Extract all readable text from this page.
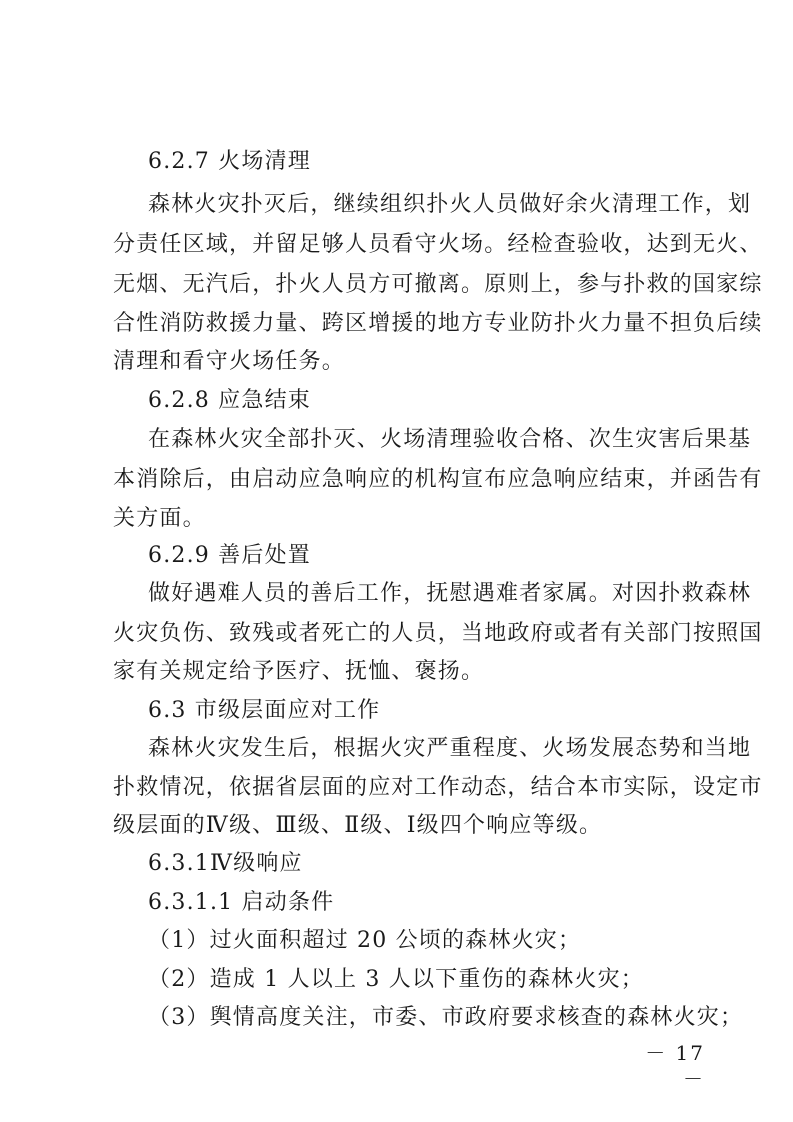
6.2.7 火场清理
森林火灾扑灭后，继续组织扑火人员做好余火清理工作，划
分责任区域，并留足够人员看守火场。经检查验收，达到无火、
无烟、无汽后，扑火人员方可撤离。原则上，参与扑救的国家综
合性消防救援力量、跨区增援的地方专业防扑火力量不担负后续
清理和看守火场任务。
6.2.8 应急结束
在森林火灾全部扑灭、火场清理验收合格、次生灾害后果基
本消除后，由启动应急响应的机构宣布应急响应结束，并函告有
关方面。
6.2.9 善后处置
做好遇难人员的善后工作，抚慰遇难者家属。对因扑救森林
火灾负伤、致残或者死亡的人员，当地政府或者有关部门按照国
家有关规定给予医疗、抚恤、褒扬。
6.3 市级层面应对工作
森林火灾发生后，根据火灾严重程度、火场发展态势和当地
扑救情况，依据省层面的应对工作动态，结合本市实际，设定市
级层面的Ⅳ级、Ⅲ级、Ⅱ级、Ⅰ级四个响应等级。
6.3.1Ⅳ级响应
6.3.1.1 启动条件
（1）过火面积超过 20 公顷的森林火灾；
（2）造成 1 人以上 3 人以下重伤的森林火灾；
（3）舆情高度关注，市委、市政府要求核查的森林火灾；
－ 17 －
